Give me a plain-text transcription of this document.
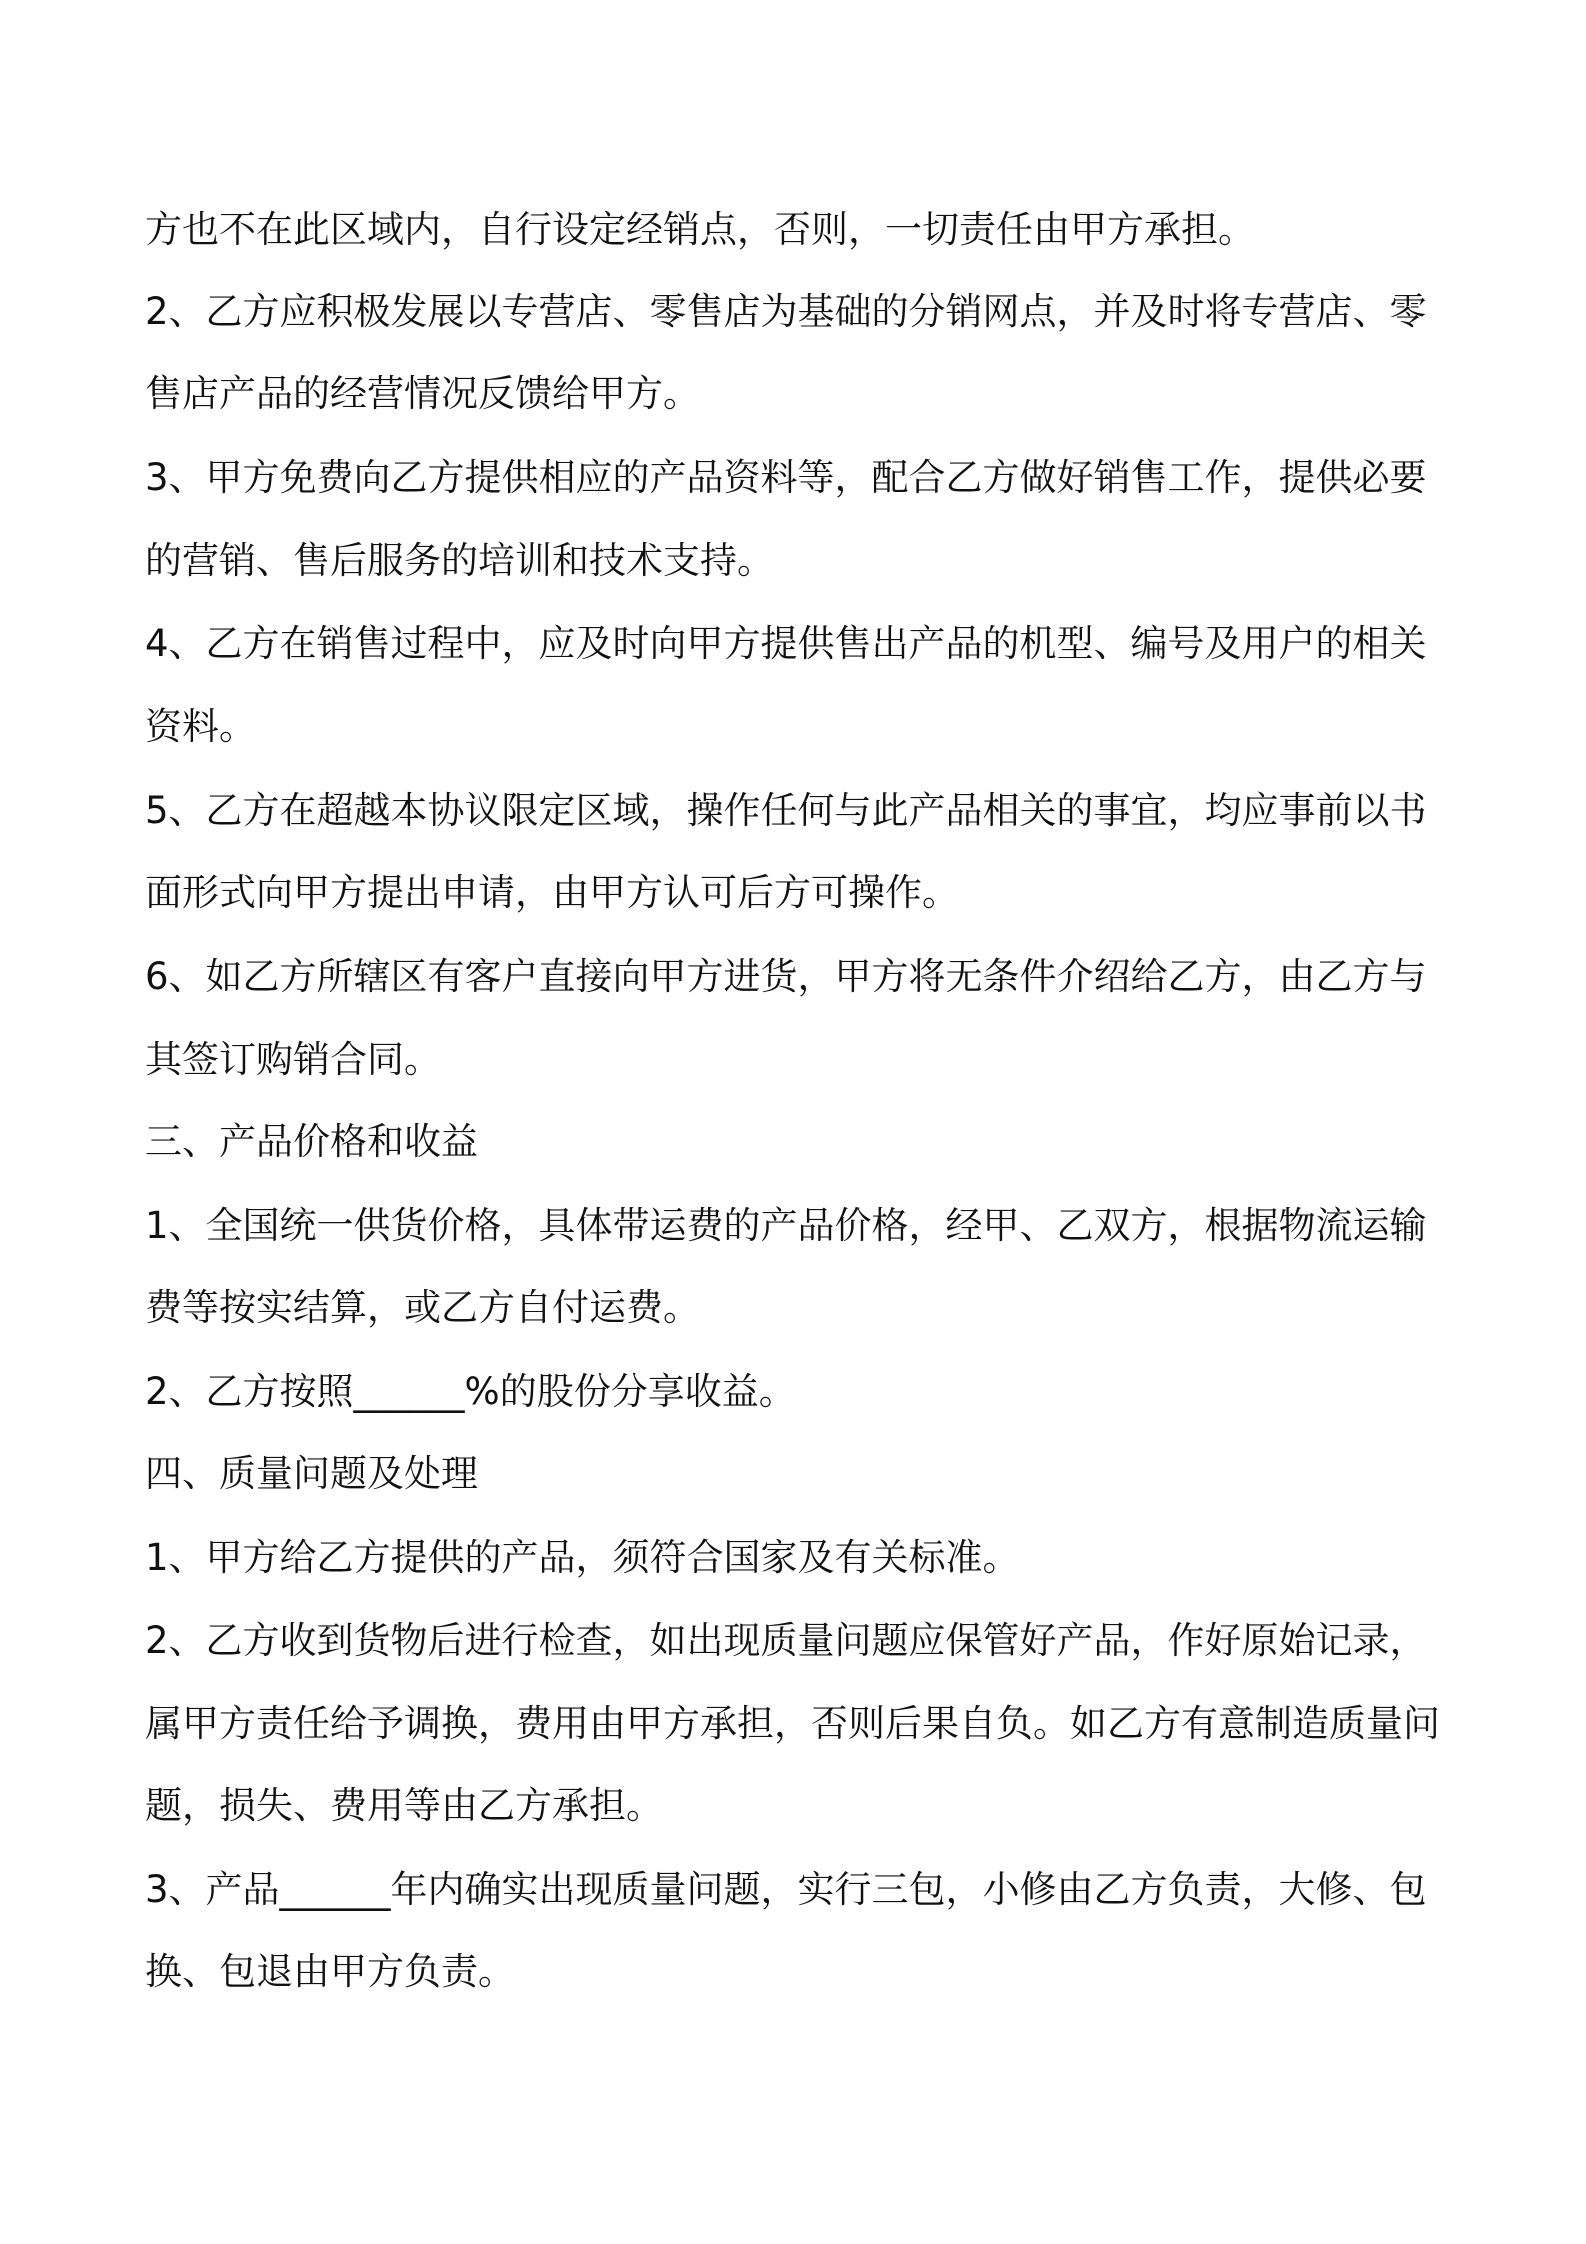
方也不在此区域内，自行设定经销点，否则，一切责任由甲方承担。
2、乙方应积极发展以专营店、零售店为基础的分销网点，并及时将专营店、零
售店产品的经营情况反馈给甲方。
3、甲方免费向乙方提供相应的产品资料等，配合乙方做好销售工作，提供必要
的营销、售后服务的培训和技术支持。
4、乙方在销售过程中，应及时向甲方提供售出产品的机型、编号及用户的相关
资料。
5、乙方在超越本协议限定区域，操作任何与此产品相关的事宜，均应事前以书
面形式向甲方提出申请，由甲方认可后方可操作。
6、如乙方所辖区有客户直接向甲方进货，甲方将无条件介绍给乙方，由乙方与
其签订购销合同。
三、产品价格和收益
1、全国统一供货价格，具体带运费的产品价格，经甲、乙双方，根据物流运输
费等按实结算，或乙方自付运费。
2、乙方按照______%的股份分享收益。
四、质量问题及处理
1、甲方给乙方提供的产品，须符合国家及有关标准。
2、乙方收到货物后进行检查，如出现质量问题应保管好产品，作好原始记录，
属甲方责任给予调换，费用由甲方承担，否则后果自负。如乙方有意制造质量问
题，损失、费用等由乙方承担。
3、产品______年内确实出现质量问题，实行三包，小修由乙方负责，大修、包
换、包退由甲方负责。
